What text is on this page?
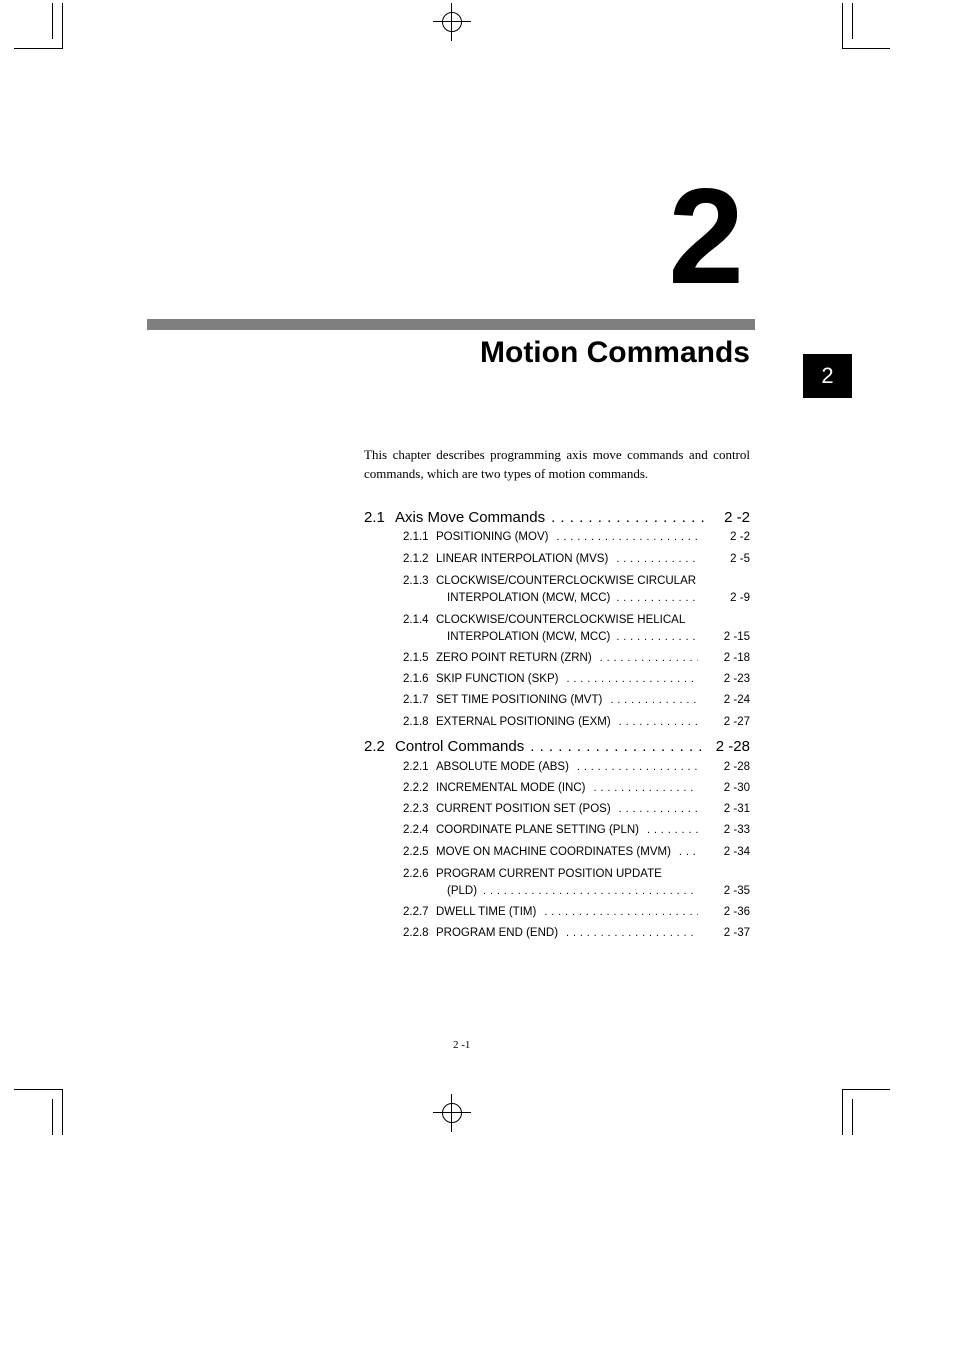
2
Motion Commands
2
This chapter describes programming axis move commands and control commands, which are two types of motion commands.
2.1
Axis Move Commands . . .	2 -2
2.1.1 POSITIONING (MOV) . . .	2 -2
2.1.2 LINEAR INTERPOLATION (MVS) . . .	2 -5
2.1.3 CLOCKWISE/COUNTERCLOCKWISE CIRCULAR
INTERPOLATION (MCW, MCC) . . .	2 -9
2.1.4 CLOCKWISE/COUNTERCLOCKWISE HELICAL
INTERPOLATION (MCW, MCC) . . .	2 -15
2.1.5 ZERO POINT RETURN (ZRN) . . .	2 -18
2.1.6 SKIP FUNCTION (SKP) . . .	2 -23
2.1.7 SET TIME POSITIONING (MVT) . . .	2 -24
2.1.8 EXTERNAL POSITIONING (EXM) . . .	2 -27
2.2
Control Commands . . .	2 -28
2.2.1 ABSOLUTE MODE (ABS) . . .	2 -28
2.2.2 INCREMENTAL MODE (INC) . . .	2 -30
2.2.3 CURRENT POSITION SET (POS) . . .	2 -31
2.2.4 COORDINATE PLANE SETTING (PLN) . . .	2 -33
2.2.5 MOVE ON MACHINE COORDINATES (MVM) . . .	2 -34
2.2.6 PROGRAM CURRENT POSITION UPDATE
(PLD) . . .	2 -35
2.2.7 DWELL TIME (TIM) . . .	2 -36
2.2.8 PROGRAM END (END) . . .	2 -37
2 -1
